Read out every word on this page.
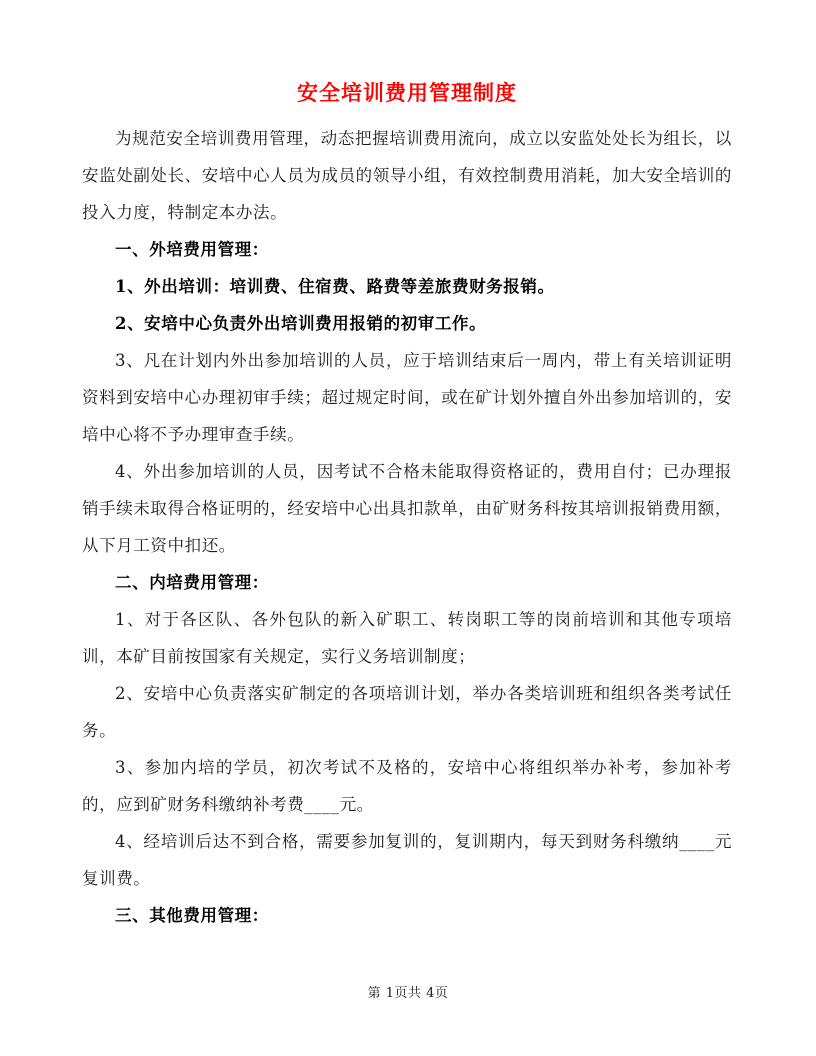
安全培训费用管理制度

为规范安全培训费用管理，动态把握培训费用流向，成立以安监处处长为组长，以安监处副处长、安培中心人员为成员的领导小组，有效控制费用消耗，加大安全培训的投入力度，特制定本办法。

一、外培费用管理：

1、外出培训：培训费、住宿费、路费等差旅费财务报销。

2、安培中心负责外出培训费用报销的初审工作。

3、凡在计划内外出参加培训的人员，应于培训结束后一周内，带上有关培训证明资料到安培中心办理初审手续；超过规定时间，或在矿计划外擅自外出参加培训的，安培中心将不予办理审查手续。

4、外出参加培训的人员，因考试不合格未能取得资格证的，费用自付；已办理报销手续未取得合格证明的，经安培中心出具扣款单，由矿财务科按其培训报销费用额，从下月工资中扣还。

二、内培费用管理：

1、对于各区队、各外包队的新入矿职工、转岗职工等的岗前培训和其他专项培训，本矿目前按国家有关规定，实行义务培训制度；

2、安培中心负责落实矿制定的各项培训计划，举办各类培训班和组织各类考试任务。

3、参加内培的学员，初次考试不及格的，安培中心将组织举办补考，参加补考的，应到矿财务科缴纳补考费____元。

4、经培训后达不到合格，需要参加复训的，复训期内，每天到财务科缴纳____元复训费。

三、其他费用管理：

第 1页共 4页
